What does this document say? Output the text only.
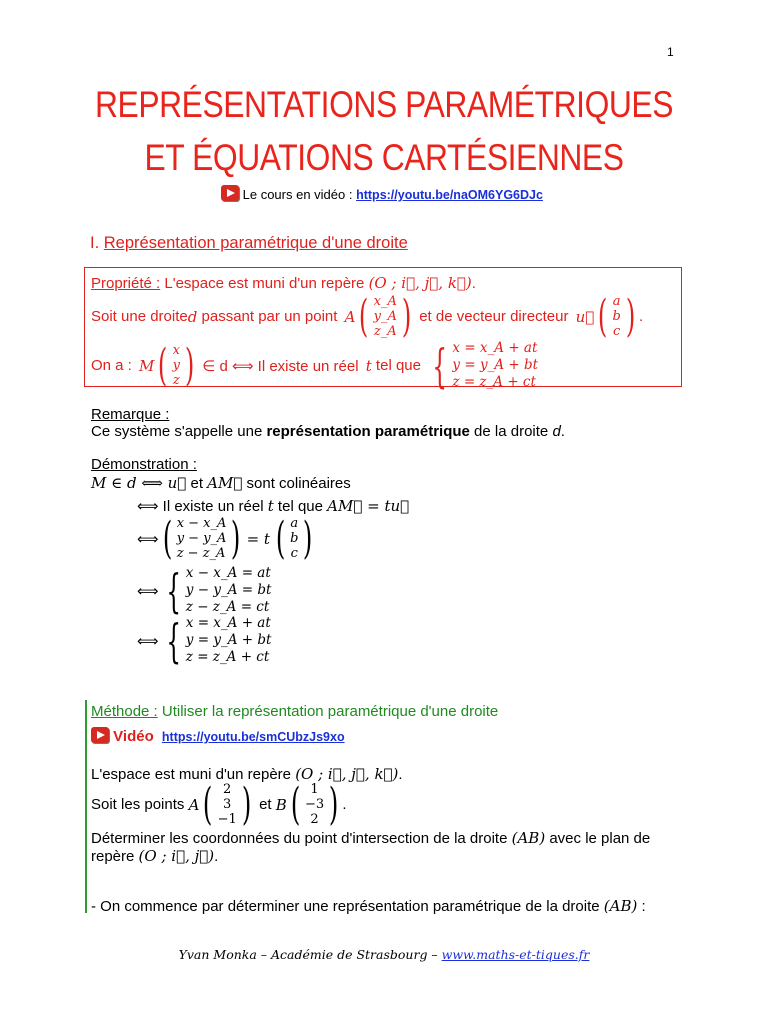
1
REPRÉSENTATIONS PARAMÉTRIQUES
ET ÉQUATIONS CARTÉSIENNES
Le cours en vidéo : https://youtu.be/naOM6YG6DJc
I. Représentation paramétrique d'une droite
Propriété : L'espace est muni d'un repère (O ; i⃗, j⃗, k⃗).
Soit une droite d passant par un point A ( x_A
y_A
z_A ) et de vecteur directeur u⃗ ( a
b
c ) .
On a : M ( x
y
z ) ∈ d ⟺ Il existe un réel t tel que { x = x_A + at
y = y_A + bt
z = z_A + ct
Remarque :
Ce système s'appelle une représentation paramétrique de la droite d.
Démonstration :
M ∈ d ⟺ u⃗ et AM⃗ sont colinéaires
⟺ Il existe un réel t tel que AM⃗ = tu⃗
⟺ ( x − x_A
y − y_A
z − z_A ) = t ( a
b
c )
⟺ { x − x_A = at
y − y_A = bt
z − z_A = ct
⟺ { x = x_A + at
y = y_A + bt
z = z_A + ct
Méthode : Utiliser la représentation paramétrique d'une droite
Vidéo https://youtu.be/smCUbzJs9xo
L'espace est muni d'un repère (O ; i⃗, j⃗, k⃗).
Soit les points A ( 2
3
−1 ) et B ( 1
−3
2 ) .
Déterminer les coordonnées du point d'intersection de la droite (AB) avec le plan de
repère (O ; i⃗, j⃗).
- On commence par déterminer une représentation paramétrique de la droite (AB) :
Yvan Monka – Académie de Strasbourg – www.maths-et-tiques.fr
